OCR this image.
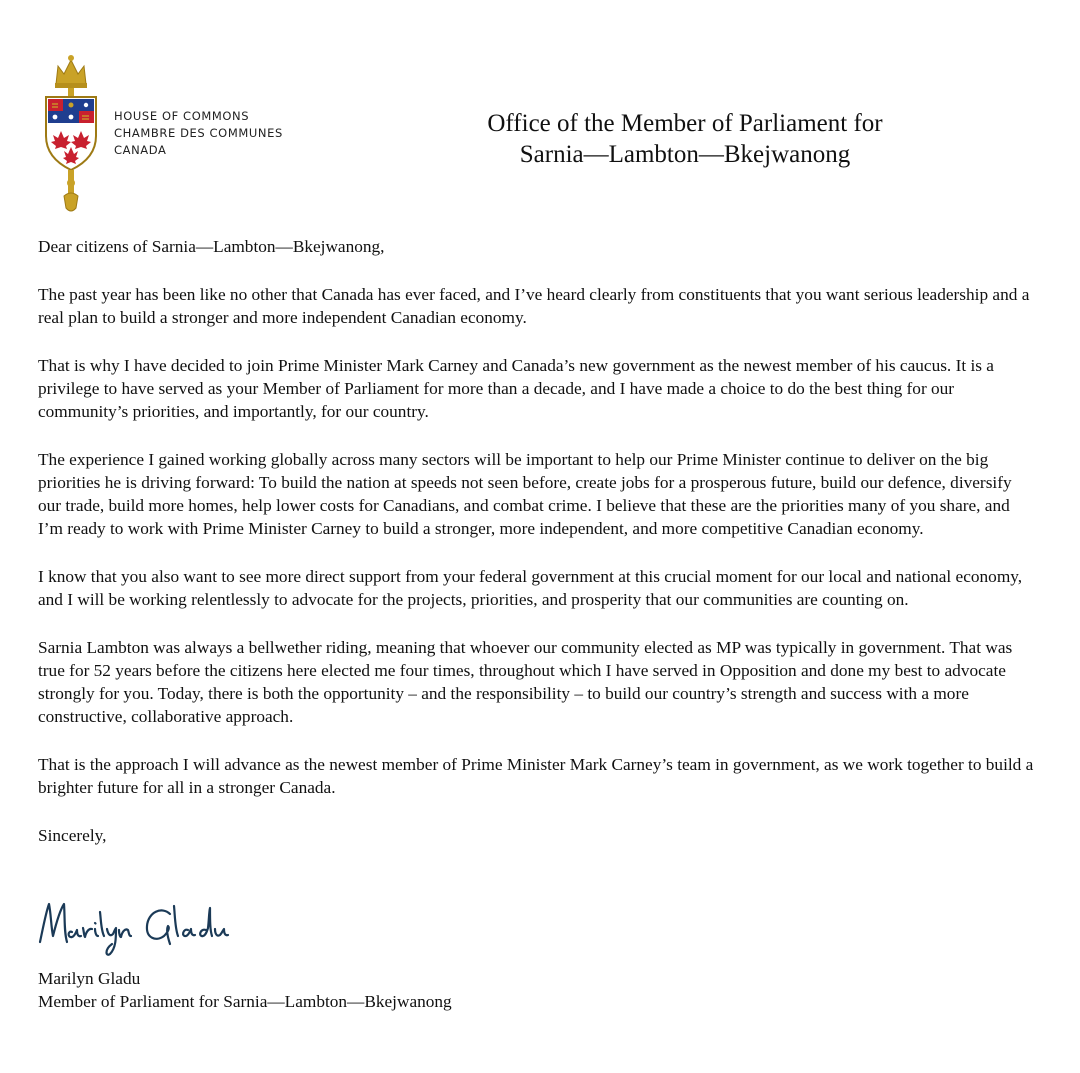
HOUSE OF COMMONS
CHAMBRE DES COMMUNES
CANADA
Office of the Member of Parliament for
Sarnia—Lambton—Bkejwanong

Dear citizens of Sarnia—Lambton—Bkejwanong,

The past year has been like no other that Canada has ever faced, and I’ve heard clearly from constituents that you want serious leadership and a real plan to build a stronger and more independent Canadian economy.

That is why I have decided to join Prime Minister Mark Carney and Canada’s new government as the newest member of his caucus. It is a privilege to have served as your Member of Parliament for more than a decade, and I have made a choice to do the best thing for our community’s priorities, and importantly, for our country.

The experience I gained working globally across many sectors will be important to help our Prime Minister continue to deliver on the big priorities he is driving forward: To build the nation at speeds not seen before, create jobs for a prosperous future, build our defence, diversify our trade, build more homes, help lower costs for Canadians, and combat crime. I believe that these are the priorities many of you share, and I’m ready to work with Prime Minister Carney to build a stronger, more independent, and more competitive Canadian economy.

I know that you also want to see more direct support from your federal government at this crucial moment for our local and national economy, and I will be working relentlessly to advocate for the projects, priorities, and prosperity that our communities are counting on.

Sarnia Lambton was always a bellwether riding, meaning that whoever our community elected as MP was typically in government. That was true for 52 years before the citizens here elected me four times, throughout which I have served in Opposition and done my best to advocate strongly for you. Today, there is both the opportunity – and the responsibility – to build our country’s strength and success with a more constructive, collaborative approach.

That is the approach I will advance as the newest member of Prime Minister Mark Carney’s team in government, as we work together to build a brighter future for all in a stronger Canada.

Sincerely,

Marilyn Gladu
Member of Parliament for Sarnia—Lambton—Bkejwanong
